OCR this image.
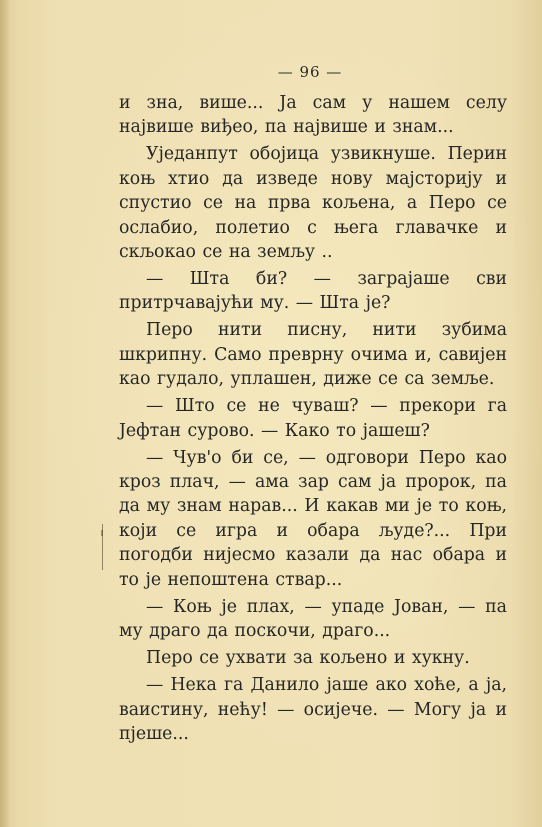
— 96 —

и зна, више... Ја сам у нашем селу највише виђео, па највише и знам...

Уједанпут обојица узвикнуше. Перин коњ хтио да изведе нову мајсторију и спустио се на прва кољена, а Перо се ослабио, полетио с њега главачке и скљокао се на земљу ..

— Шта би? — заграјаше сви притрчавајући му. — Шта је?

Перо нити писну, нити зубима шкрипну. Само преврну очима и, савијен као гудало, уплашен, диже се са земље.

— Што се не чуваш? — прекори га Јефтан сурово. — Како то јашеш?

— Чув'о би се, — одговори Перо као кроз плач, — ама зар сам ја пророк, па да му знам нарав... И какав ми је то коњ, који се игра и обара људе?... При погодби нијесмо казали да нас обара и то је непоштена ствар...

— Коњ је плах, — упаде Јован, — па му драго да поскочи, драго...

Перо се ухвати за кољено и хукну.

— Нека га Данило јаше ако хоће, а ја, ваистину, нећу! — осијече. — Могу ја и пјеше...
